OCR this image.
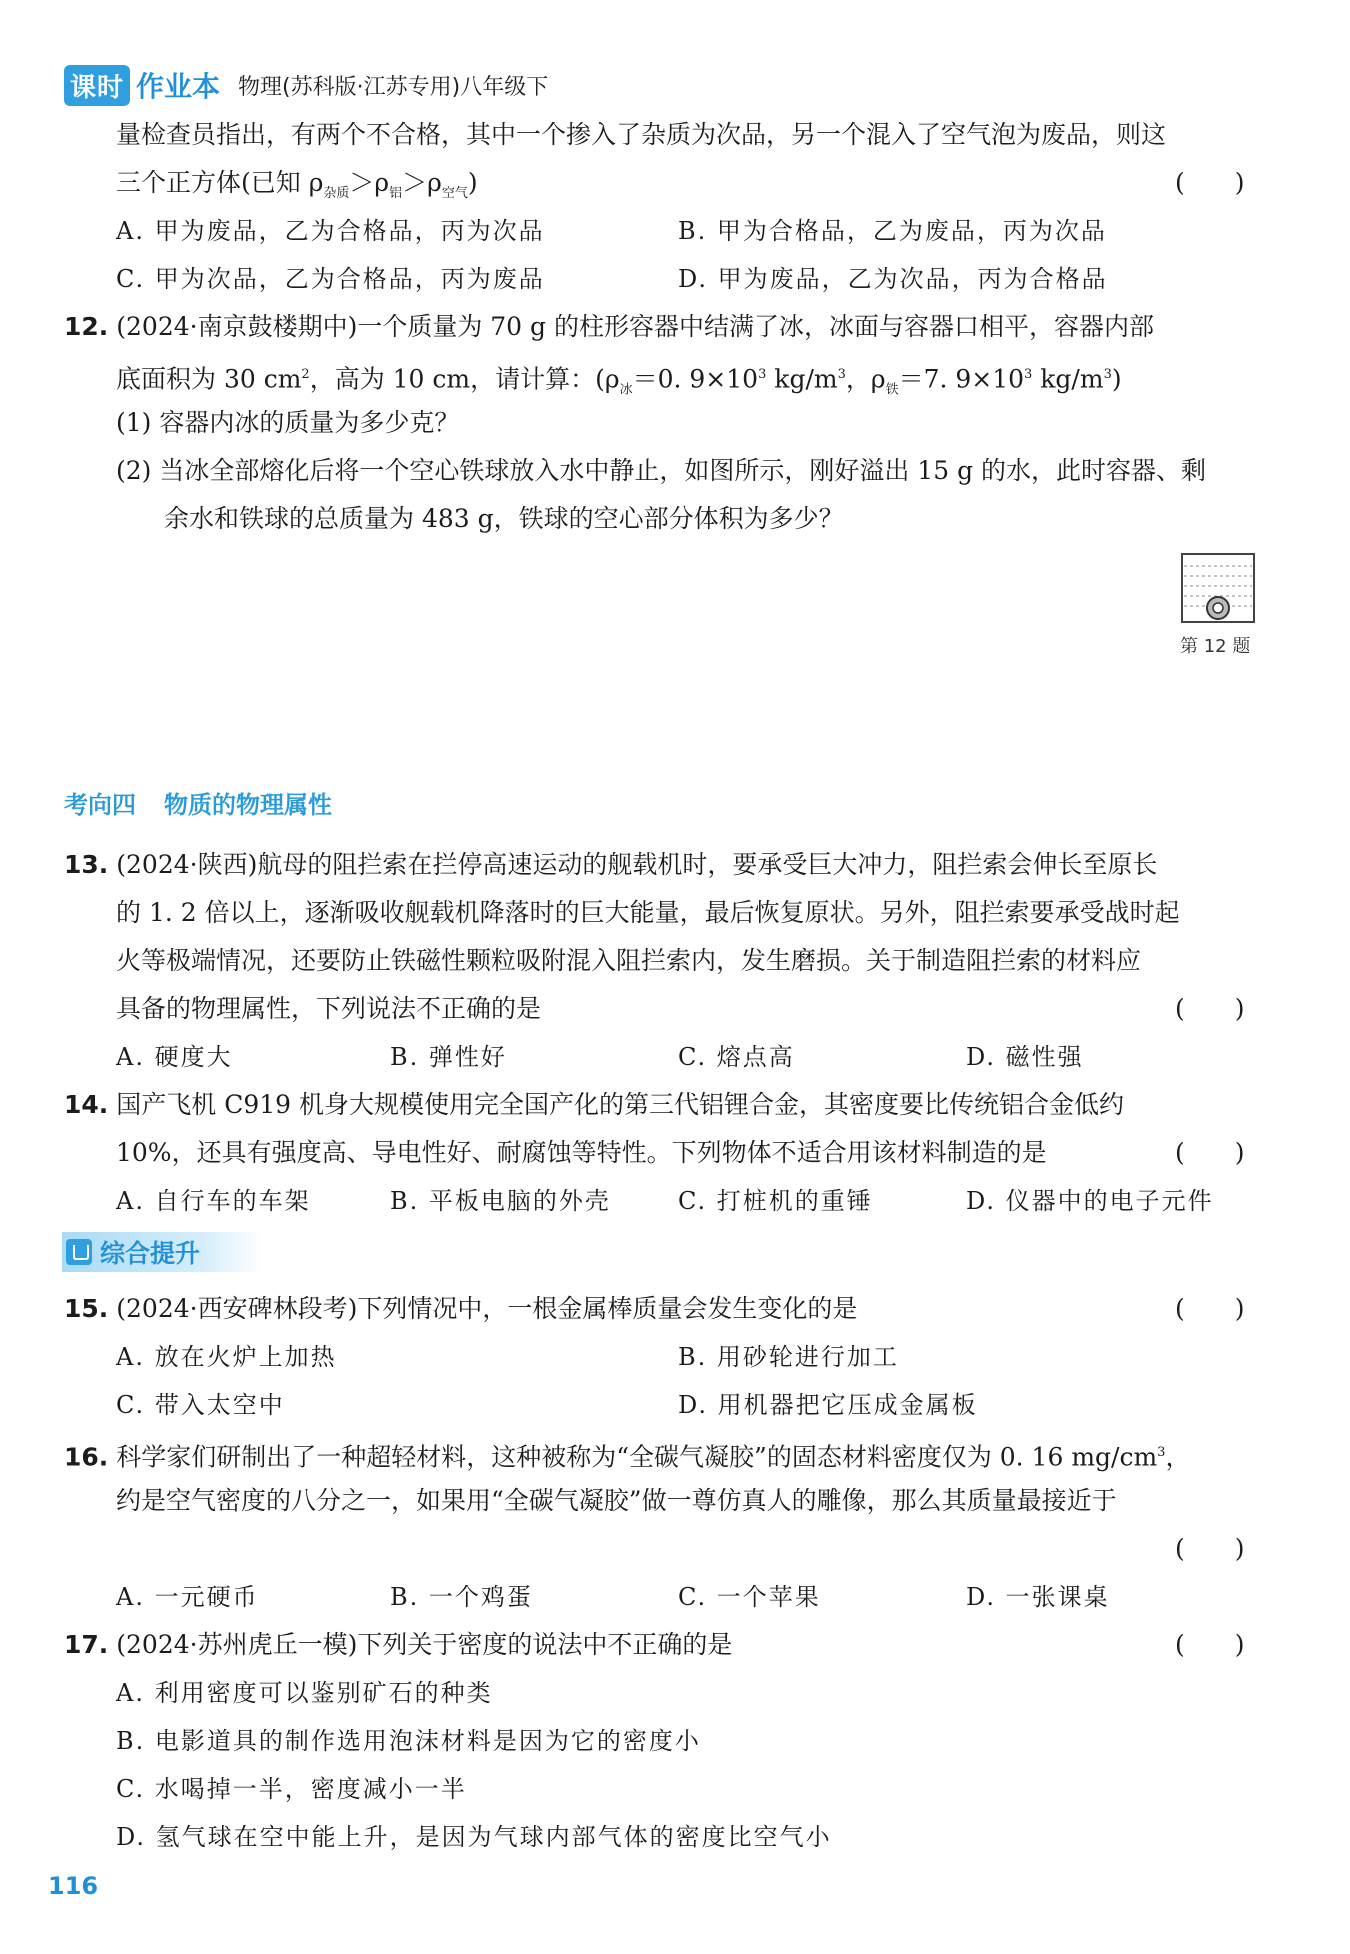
课时 作业本 物理(苏科版·江苏专用)八年级下
量检查员指出，有两个不合格，其中一个掺入了杂质为次品，另一个混入了空气泡为废品，则这
三个正方体(已知 $\rho_{杂质}>\rho_铝>\rho_{空气}$)	(　　)
A. 甲为废品，乙为合格品，丙为次品	B. 甲为合格品，乙为废品，丙为次品
C. 甲为次品，乙为合格品，丙为废品	D. 甲为废品，乙为次品，丙为合格品
12. (2024·南京鼓楼期中)一个质量为 70 g 的柱形容器中结满了冰，冰面与容器口相平，容器内部
底面积为 30 $cm^2$，高为 10 cm，请计算：($\rho_冰=0$. $9\times 10^3$ $kg/m^3$，$\rho_铁=7$. $9\times 10^3$ $kg/m^3$)
(1) 容器内冰的质量为多少克？
(2) 当冰全部熔化后将一个空心铁球放入水中静止，如图所示，刚好溢出 15 g 的水，此时容器、剩
余水和铁球的总质量为 483 g，铁球的空心部分体积为多少？
第 12 题
考向四 物质的物理属性
13. (2024·陕西)航母的阻拦索在拦停高速运动的舰载机时，要承受巨大冲力，阻拦索会伸长至原长
的 1. 2 倍以上，逐渐吸收舰载机降落时的巨大能量，最后恢复原状。另外，阻拦索要承受战时起
火等极端情况，还要防止铁磁性颗粒吸附混入阻拦索内，发生磨损。关于制造阻拦索的材料应
具备的物理属性，下列说法不正确的是	(　　)
A. 硬度大	B. 弹性好	C. 熔点高	D. 磁性强
14. 国产飞机 C919 机身大规模使用完全国产化的第三代铝锂合金，其密度要比传统铝合金低约
10%，还具有强度高、导电性好、耐腐蚀等特性。下列物体不适合用该材料制造的是	(　　)
A. 自行车的车架	B. 平板电脑的外壳	C. 打桩机的重锤	D. 仪器中的电子元件
综合提升
15. (2024·西安碑林段考)下列情况中，一根金属棒质量会发生变化的是	(　　)
A. 放在火炉上加热	B. 用砂轮进行加工
C. 带入太空中	D. 用机器把它压成金属板
16. 科学家们研制出了一种超轻材料，这种被称为“全碳气凝胶”的固态材料密度仅为 0. 16 $mg/cm^3$，
约是空气密度的八分之一，如果用“全碳气凝胶”做一尊仿真人的雕像，那么其质量最接近于
(　　)
A. 一元硬币	B. 一个鸡蛋	C. 一个苹果	D. 一张课桌
17. (2024·苏州虎丘一模)下列关于密度的说法中不正确的是	(　　)
A. 利用密度可以鉴别矿石的种类
B. 电影道具的制作选用泡沫材料是因为它的密度小
C. 水喝掉一半，密度减小一半
D. 氢气球在空中能上升，是因为气球内部气体的密度比空气小
116
